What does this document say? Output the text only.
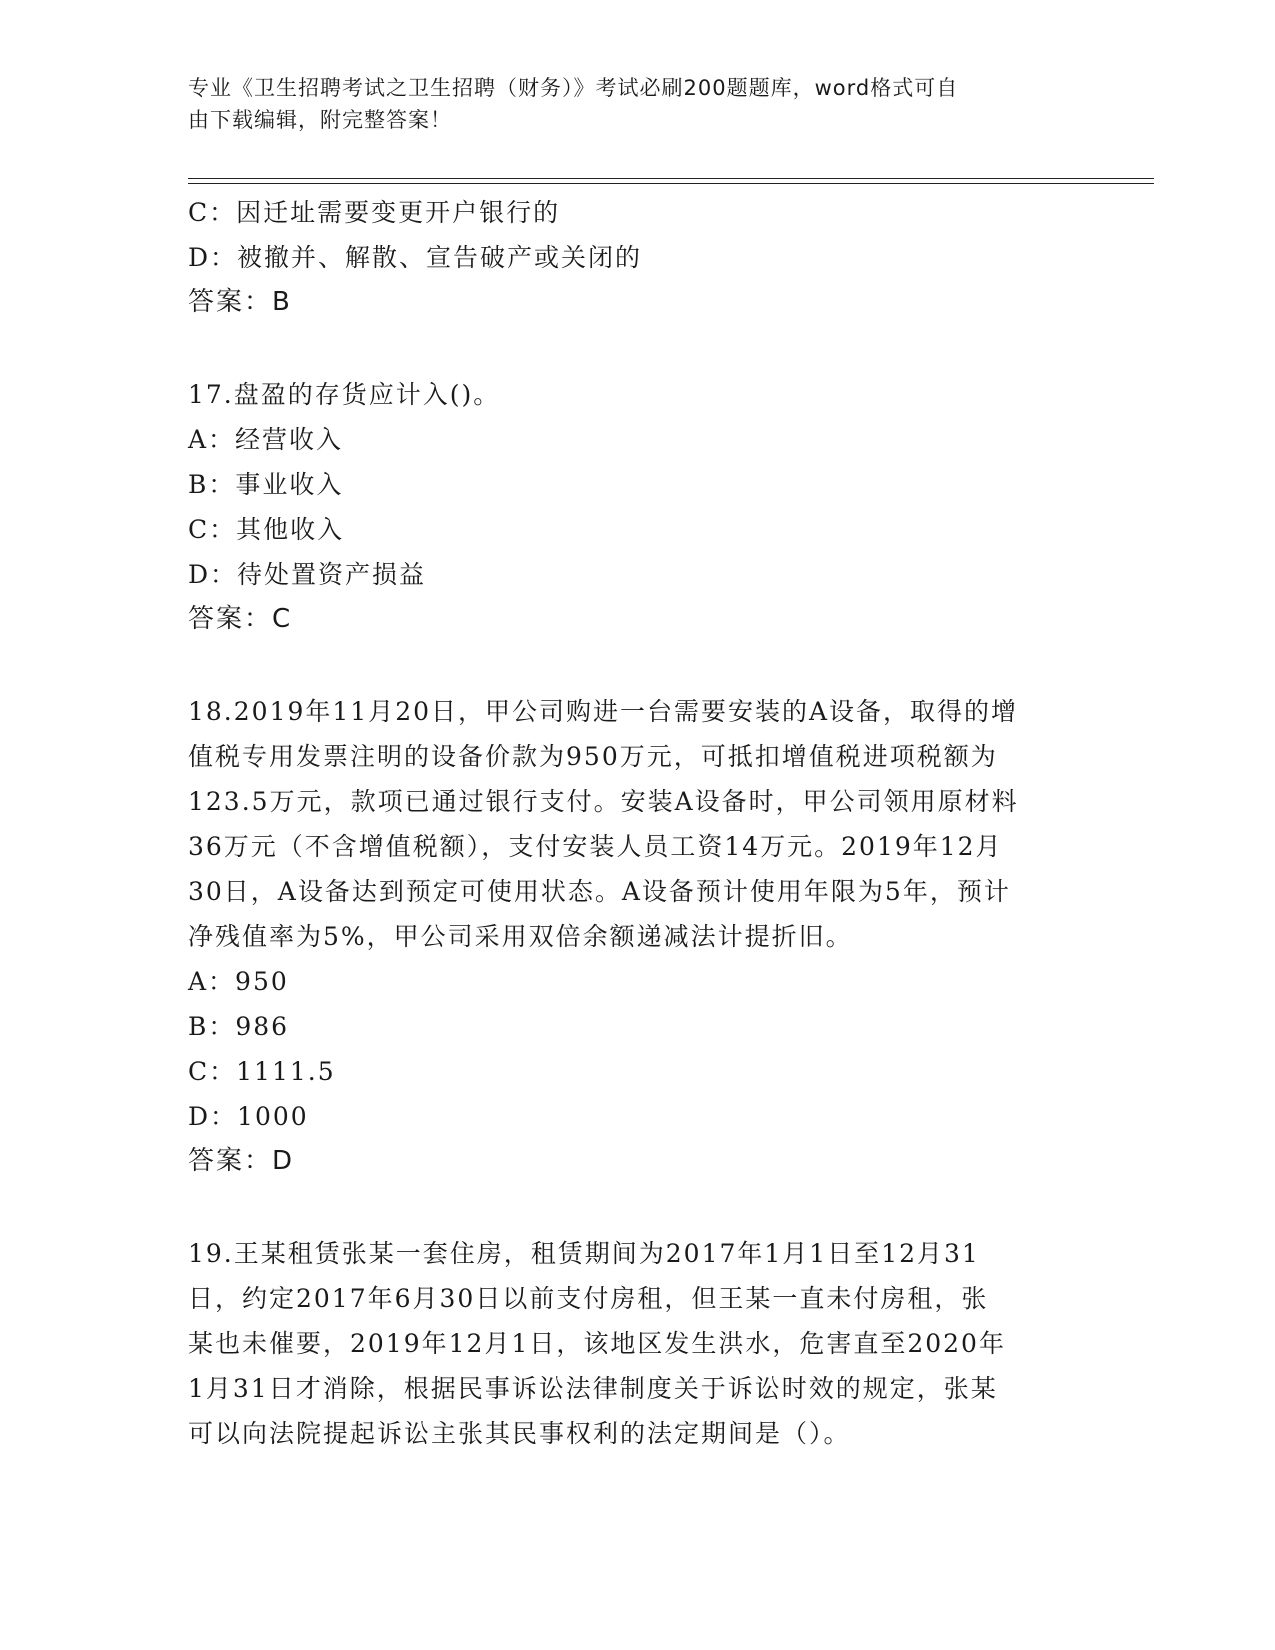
专业《卫生招聘考试之卫生招聘（财务）》考试必刷200题题库，word格式可自
由下载编辑，附完整答案！
C：因迁址需要变更开户银行的
D：被撤并、解散、宣告破产或关闭的
答案：B
17.盘盈的存货应计入()。
A：经营收入
B：事业收入
C：其他收入
D：待处置资产损益
答案：C
18.2019年11月20日，甲公司购进一台需要安装的A设备，取得的增
值税专用发票注明的设备价款为950万元，可抵扣增值税进项税额为
123.5万元，款项已通过银行支付。安装A设备时，甲公司领用原材料
36万元（不含增值税额），支付安装人员工资14万元。2019年12月
30日，A设备达到预定可使用状态。A设备预计使用年限为5年，预计
净残值率为5%，甲公司采用双倍余额递减法计提折旧。
A：950
B：986
C：1111.5
D：1000
答案：D
19.王某租赁张某一套住房，租赁期间为2017年1月1日至12月31
日，约定2017年6月30日以前支付房租，但王某一直未付房租，张
某也未催要，2019年12月1日，该地区发生洪水，危害直至2020年
1月31日才消除，根据民事诉讼法律制度关于诉讼时效的规定，张某
可以向法院提起诉讼主张其民事权利的法定期间是（）。
